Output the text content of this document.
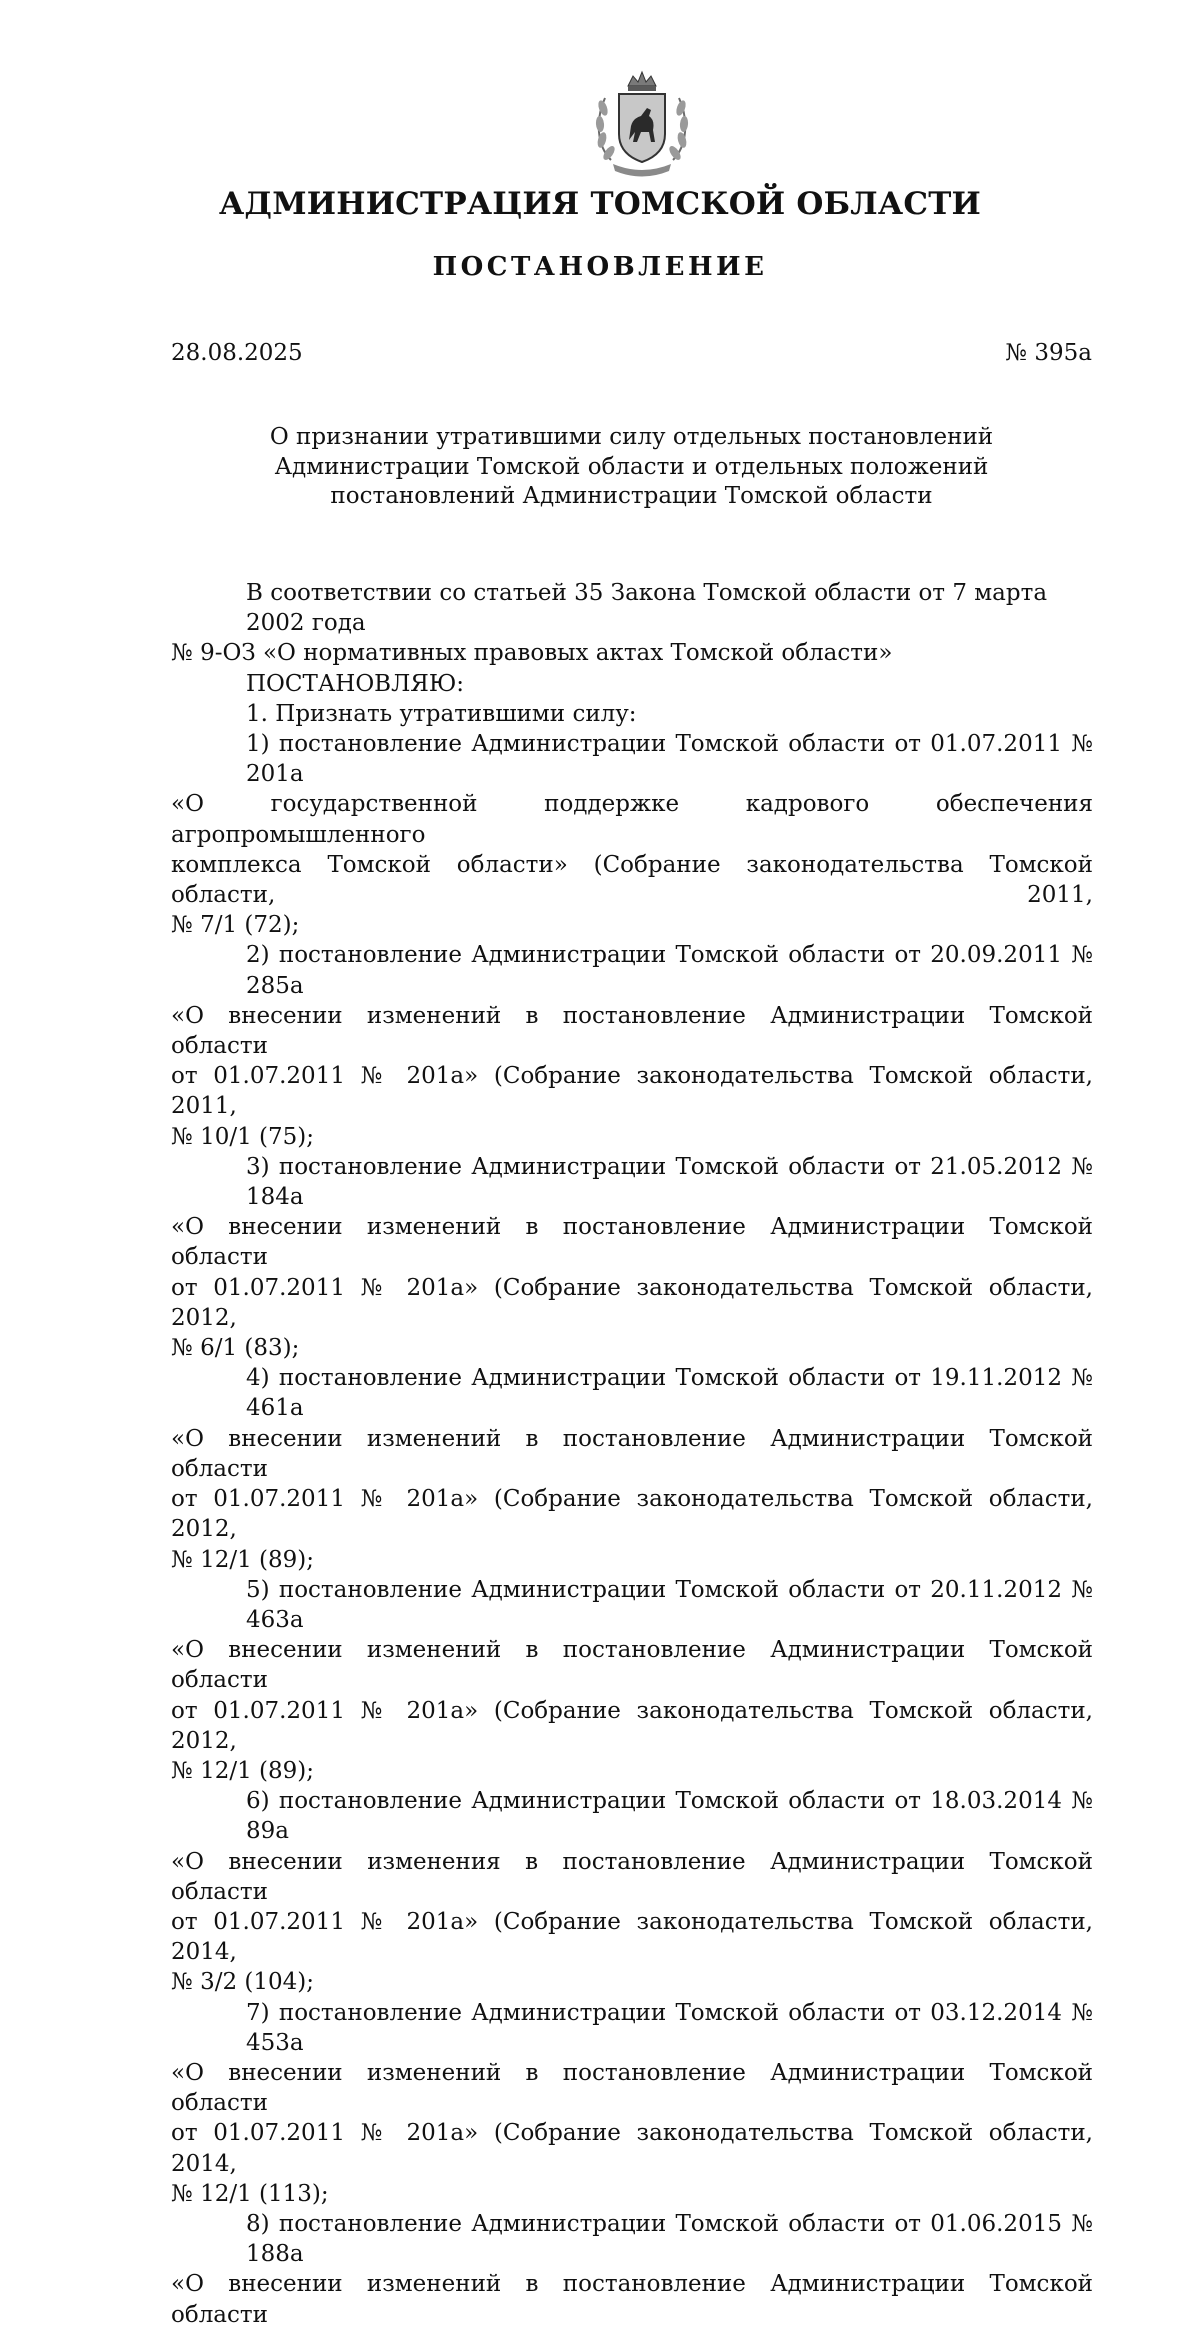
АДМИНИСТРАЦИЯ ТОМСКОЙ ОБЛАСТИ
ПОСТАНОВЛЕНИЕ
28.08.2025	№ 395а
О признании утратившими силу отдельных постановлений
Администрации Томской области и отдельных положений
постановлений Администрации Томской области

В соответствии со статьей 35 Закона Томской области от 7 марта 2002 года
№ 9-ОЗ «О нормативных правовых актах Томской области»

ПОСТАНОВЛЯЮ:

1. Признать утратившими силу:

1) постановление Администрации Томской области от 01.07.2011 № 201а
«О государственной поддержке кадрового обеспечения агропромышленного
комплекса Томской области» (Собрание законодательства Томской области, 2011,
№ 7/1 (72);

2) постановление Администрации Томской области от 20.09.2011 № 285а
«О внесении изменений в постановление Администрации Томской области
от 01.07.2011 № 201а» (Собрание законодательства Томской области, 2011,
№ 10/1 (75);

3) постановление Администрации Томской области от 21.05.2012 № 184а
«О внесении изменений в постановление Администрации Томской области
от 01.07.2011 № 201а» (Собрание законодательства Томской области, 2012,
№ 6/1 (83);

4) постановление Администрации Томской области от 19.11.2012 № 461а
«О внесении изменений в постановление Администрации Томской области
от 01.07.2011 № 201а» (Собрание законодательства Томской области, 2012,
№ 12/1 (89);

5) постановление Администрации Томской области от 20.11.2012 № 463а
«О внесении изменений в постановление Администрации Томской области
от 01.07.2011 № 201а» (Собрание законодательства Томской области, 2012,
№ 12/1 (89);

6) постановление Администрации Томской области от 18.03.2014 № 89а
«О внесении изменения в постановление Администрации Томской области
от 01.07.2011 № 201а» (Собрание законодательства Томской области, 2014,
№ 3/2 (104);

7) постановление Администрации Томской области от 03.12.2014 № 453а
«О внесении изменений в постановление Администрации Томской области
от 01.07.2011 № 201а» (Собрание законодательства Томской области, 2014,
№ 12/1 (113);

8) постановление Администрации Томской области от 01.06.2015 № 188а
«О внесении изменений в постановление Администрации Томской области
